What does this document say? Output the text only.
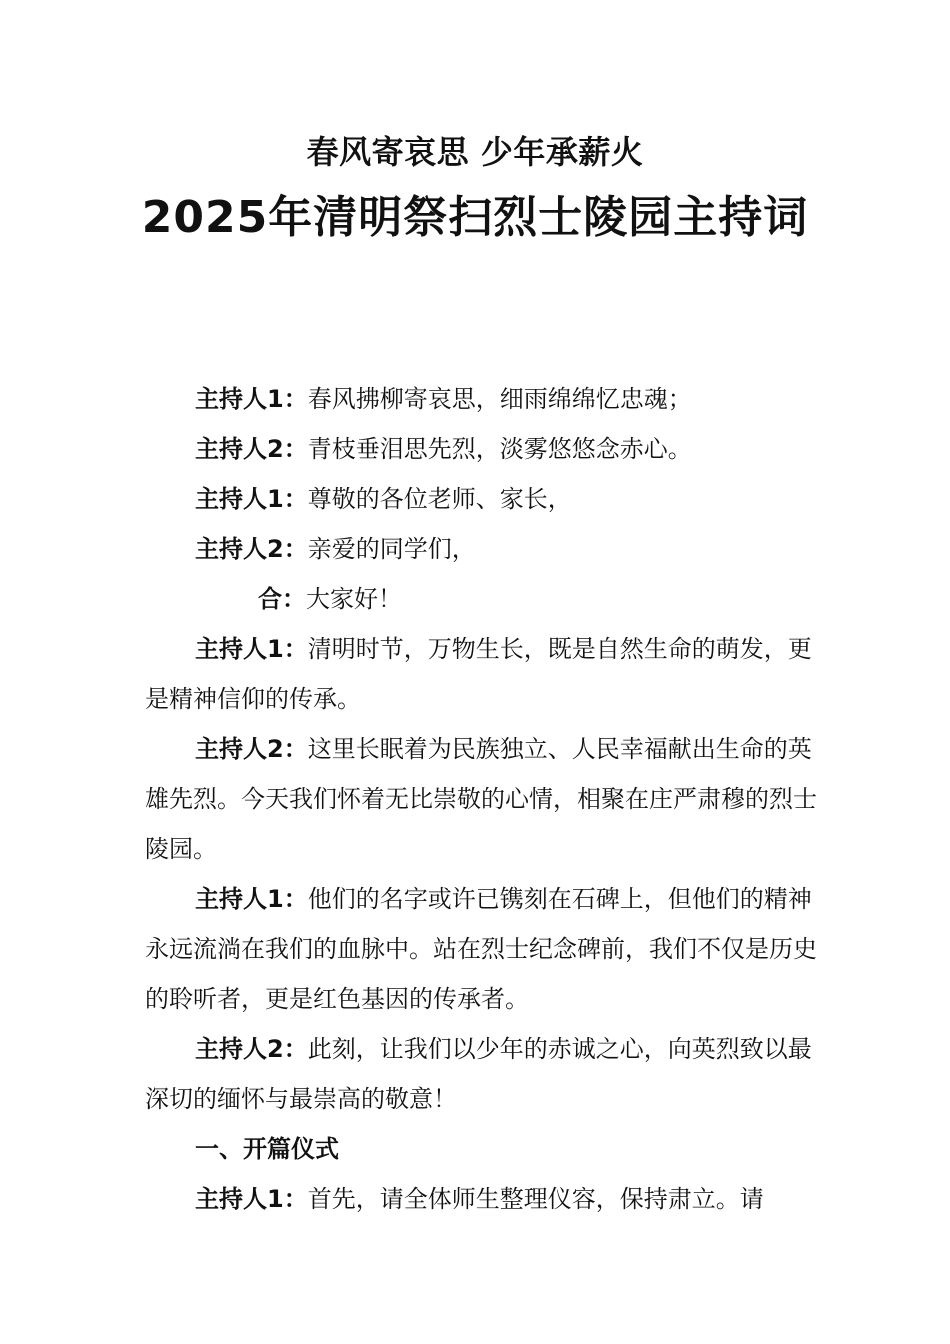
春风寄哀思 少年承薪火
2025年清明祭扫烈士陵园主持词

主持人1：春风拂柳寄哀思，细雨绵绵忆忠魂；

主持人2：青枝垂泪思先烈，淡雾悠悠念赤心。

主持人1：尊敬的各位老师、家长，

主持人2：亲爱的同学们，

合：大家好！

主持人1：清明时节，万物生长，既是自然生命的萌发，更是精神信仰的传承。

主持人2：这里长眠着为民族独立、人民幸福献出生命的英雄先烈。今天我们怀着无比崇敬的心情，相聚在庄严肃穆的烈士陵园。

主持人1：他们的名字或许已镌刻在石碑上，但他们的精神永远流淌在我们的血脉中。站在烈士纪念碑前，我们不仅是历史的聆听者，更是红色基因的传承者。

主持人2：此刻，让我们以少年的赤诚之心，向英烈致以最深切的缅怀与最崇高的敬意！

一、开篇仪式

主持人1：首先，请全体师生整理仪容，保持肃立。请
